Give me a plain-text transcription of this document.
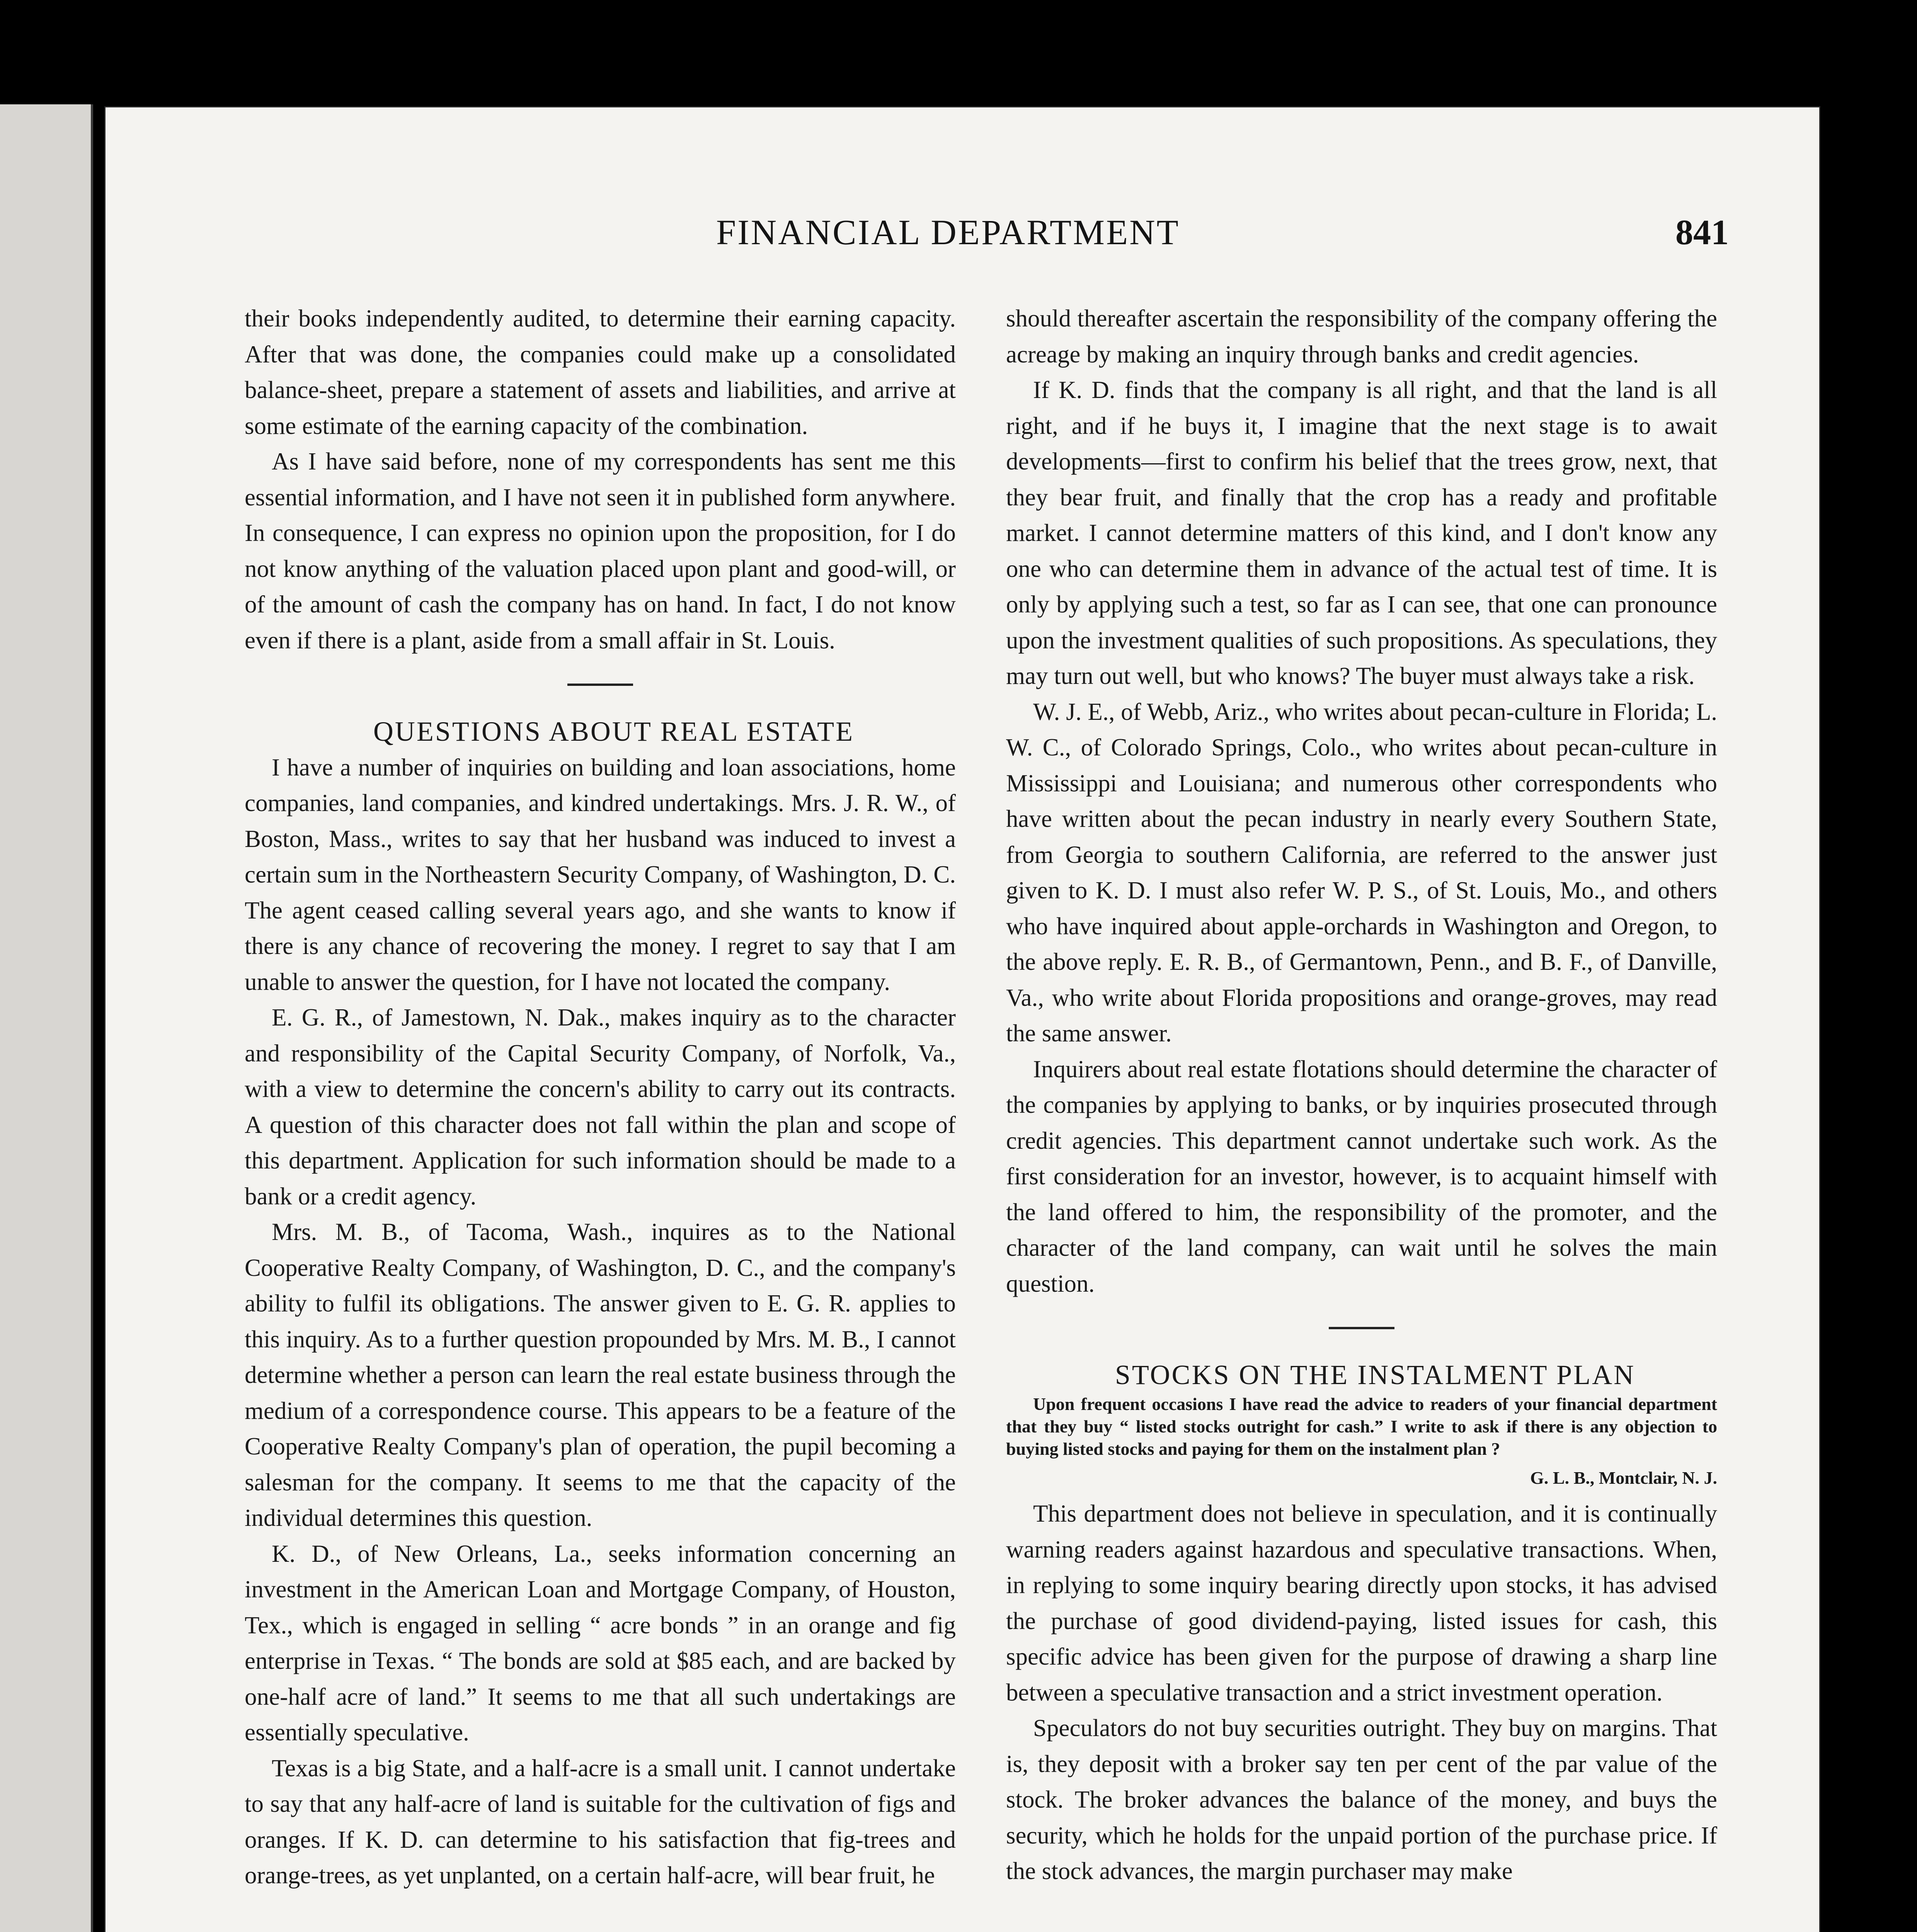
FINANCIAL DEPARTMENT	841

their books independently audited, to determine their earning capacity. After that was done, the companies could make up a consolidated balance-sheet, prepare a statement of assets and liabilities, and arrive at some estimate of the earning capacity of the combination.

As I have said before, none of my correspondents has sent me this essential information, and I have not seen it in published form anywhere. In consequence, I can express no opinion upon the proposition, for I do not know anything of the valuation placed upon plant and good-will, or of the amount of cash the company has on hand. In fact, I do not know even if there is a plant, aside from a small affair in St. Louis.

QUESTIONS ABOUT REAL ESTATE

I have a number of inquiries on building and loan associations, home companies, land companies, and kindred undertakings. Mrs. J. R. W., of Boston, Mass., writes to say that her husband was induced to invest a certain sum in the Northeastern Security Company, of Washington, D. C. The agent ceased calling several years ago, and she wants to know if there is any chance of recovering the money. I regret to say that I am unable to answer the question, for I have not located the company.

E. G. R., of Jamestown, N. Dak., makes inquiry as to the character and responsibility of the Capital Security Company, of Norfolk, Va., with a view to determine the concern's ability to carry out its contracts. A question of this character does not fall within the plan and scope of this department. Application for such information should be made to a bank or a credit agency.

Mrs. M. B., of Tacoma, Wash., inquires as to the National Cooperative Realty Company, of Washington, D. C., and the company's ability to fulfil its obligations. The answer given to E. G. R. applies to this inquiry. As to a further question propounded by Mrs. M. B., I cannot determine whether a person can learn the real estate business through the medium of a correspondence course. This appears to be a feature of the Cooperative Realty Company's plan of operation, the pupil becoming a salesman for the company. It seems to me that the capacity of the individual determines this question.

K. D., of New Orleans, La., seeks information concerning an investment in the American Loan and Mortgage Company, of Houston, Tex., which is engaged in selling “ acre bonds ” in an orange and fig enterprise in Texas. “ The bonds are sold at $85 each, and are backed by one-half acre of land.” It seems to me that all such undertakings are essentially speculative.

Texas is a big State, and a half-acre is a small unit. I cannot undertake to say that any half-acre of land is suitable for the cultivation of figs and oranges. If K. D. can determine to his satisfaction that fig-trees and orange-trees, as yet unplanted, on a certain half-acre, will bear fruit, he

should thereafter ascertain the responsibility of the company offering the acreage by making an inquiry through banks and credit agencies.

If K. D. finds that the company is all right, and that the land is all right, and if he buys it, I imagine that the next stage is to await developments—first to confirm his belief that the trees grow, next, that they bear fruit, and finally that the crop has a ready and profitable market. I cannot determine matters of this kind, and I don't know any one who can determine them in advance of the actual test of time. It is only by applying such a test, so far as I can see, that one can pronounce upon the investment qualities of such propositions. As speculations, they may turn out well, but who knows? The buyer must always take a risk.

W. J. E., of Webb, Ariz., who writes about pecan-culture in Florida; L. W. C., of Colorado Springs, Colo., who writes about pecan-culture in Mississippi and Louisiana; and numerous other correspondents who have written about the pecan industry in nearly every Southern State, from Georgia to southern California, are referred to the answer just given to K. D. I must also refer W. P. S., of St. Louis, Mo., and others who have inquired about apple-orchards in Washington and Oregon, to the above reply. E. R. B., of Germantown, Penn., and B. F., of Danville, Va., who write about Florida propositions and orange-groves, may read the same answer.

Inquirers about real estate flotations should determine the character of the companies by applying to banks, or by inquiries prosecuted through credit agencies. This department cannot undertake such work. As the first consideration for an investor, however, is to acquaint himself with the land offered to him, the responsibility of the promoter, and the character of the land company, can wait until he solves the main question.

STOCKS ON THE INSTALMENT PLAN

Upon frequent occasions I have read the advice to readers of your financial department that they buy “ listed stocks outright for cash.” I write to ask if there is any objection to buying listed stocks and paying for them on the instalment plan ?

G. L. B., Montclair, N. J.

This department does not believe in speculation, and it is continually warning readers against hazardous and speculative transactions. When, in replying to some inquiry bearing directly upon stocks, it has advised the purchase of good dividend-paying, listed issues for cash, this specific advice has been given for the purpose of drawing a sharp line between a speculative transaction and a strict investment operation.

Speculators do not buy securities outright. They buy on margins. That is, they deposit with a broker say ten per cent of the par value of the stock. The broker advances the balance of the money, and buys the security, which he holds for the unpaid portion of the purchase price. If the stock advances, the margin purchaser may make
